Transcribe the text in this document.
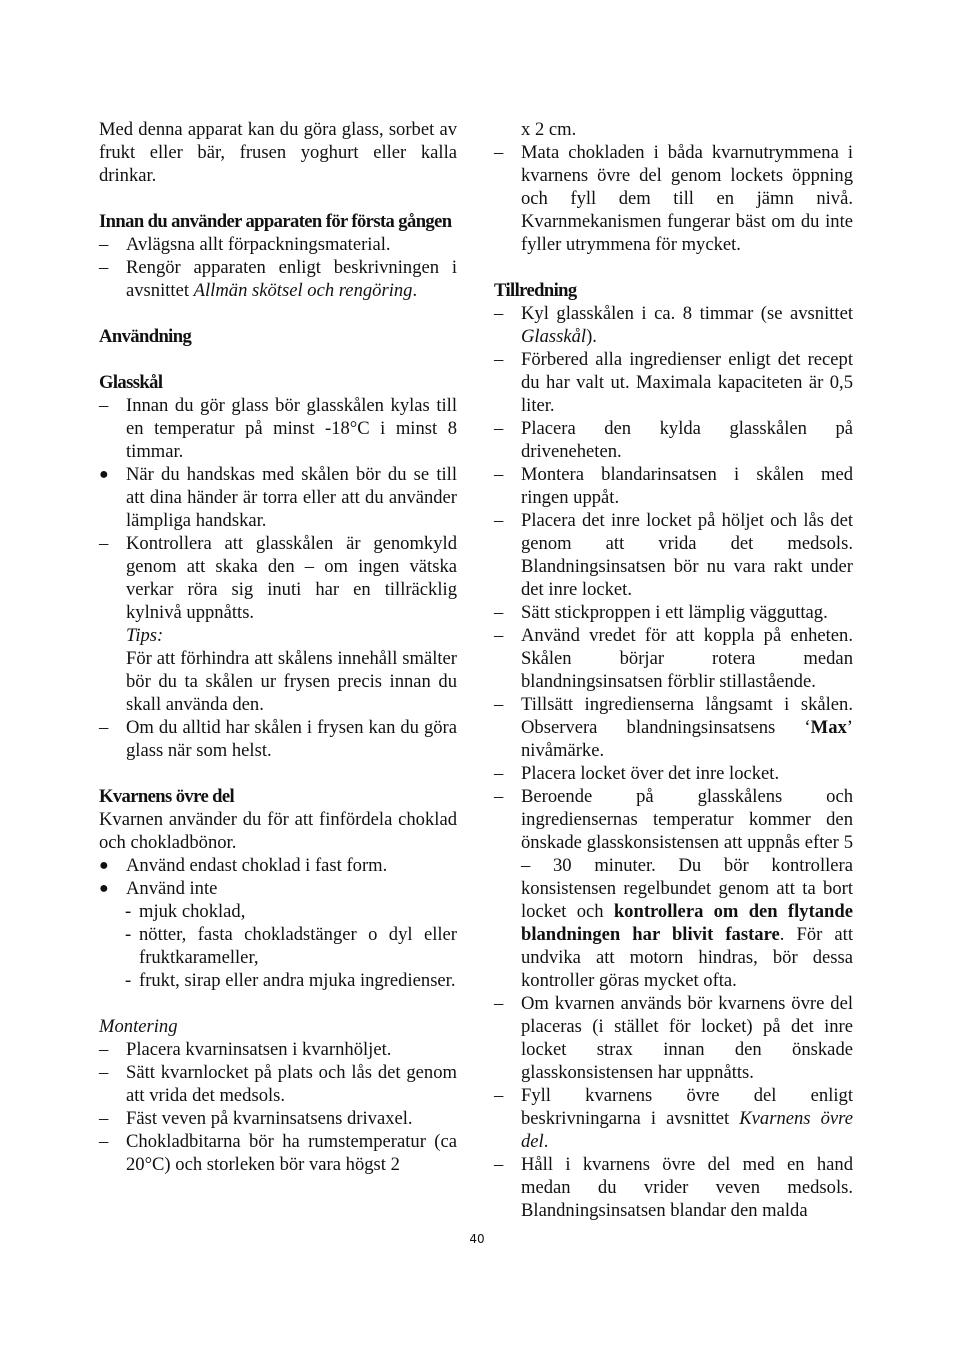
Med denna apparat kan du göra glass, sorbet av frukt eller bär, frusen yoghurt eller kalla drinkar.

Innan du använder apparaten för första gången

– Avlägsna allt förpackningsmaterial.
– Rengör apparaten enligt beskrivningen i avsnittet Allmän skötsel och rengöring.

Användning

Glasskål

– Innan du gör glass bör glasskålen kylas till en temperatur på minst -18°C i minst 8 timmar.
● När du handskas med skålen bör du se till att dina händer är torra eller att du använder lämpliga handskar.
– Kontrollera att glasskålen är genomkyld genom att skaka den – om ingen vätska verkar röra sig inuti har en tillräcklig kylnivå uppnåtts.

Tips:

För att förhindra att skålens innehåll smälter bör du ta skålen ur frysen precis innan du skall använda den.

– Om du alltid har skålen i frysen kan du göra glass när som helst.

Kvarnens övre del

Kvarnen använder du för att finfördela choklad och chokladbönor.

● Använd endast choklad i fast form.
● Använd inte
- mjuk choklad,
- nötter, fasta chokladstänger o dyl eller fruktkarameller,
- frukt, sirap eller andra mjuka ingredienser.

Montering

– Placera kvarninsatsen i kvarnhöljet.
– Sätt kvarnlocket på plats och lås det genom att vrida det medsols.
– Fäst veven på kvarninsatsens drivaxel.
– Chokladbitarna bör ha rumstemperatur (ca 20°C) och storleken bör vara högst 2

x 2 cm.

– Mata chokladen i båda kvarnutrymmena i kvarnens övre del genom lockets öppning och fyll dem till en jämn nivå. Kvarnmekanismen fungerar bäst om du inte fyller utrymmena för mycket.

Tillredning

– Kyl glasskålen i ca. 8 timmar (se avsnittet Glasskål).
– Förbered alla ingredienser enligt det recept du har valt ut. Maximala kapaciteten är 0,5 liter.
– Placera den kylda glasskålen på driveneheten.
– Montera blandarinsatsen i skålen med ringen uppåt.
– Placera det inre locket på höljet och lås det genom att vrida det medsols. Blandningsinsatsen bör nu vara rakt under det inre locket.
– Sätt stickproppen i ett lämplig vägguttag.
– Använd vredet för att koppla på enheten. Skålen börjar rotera medan blandningsinsatsen förblir stillastående.
– Tillsätt ingredienserna långsamt i skålen. Observera blandningsinsatsens ‘Max’ nivåmärke.
– Placera locket över det inre locket.
– Beroende på glasskålens och ingrediensernas temperatur kommer den önskade glasskonsistensen att uppnås efter 5 – 30 minuter. Du bör kontrollera konsistensen regelbundet genom att ta bort locket och kontrollera om den flytande blandningen har blivit fastare. För att undvika att motorn hindras, bör dessa kontroller göras mycket ofta.
– Om kvarnen används bör kvarnens övre del placeras (i stället för locket) på det inre locket strax innan den önskade glasskonsistensen har uppnåtts.
– Fyll kvarnens övre del enligt beskrivningarna i avsnittet Kvarnens övre del.
– Håll i kvarnens övre del med en hand medan du vrider veven medsols. Blandningsinsatsen blandar den malda
40
